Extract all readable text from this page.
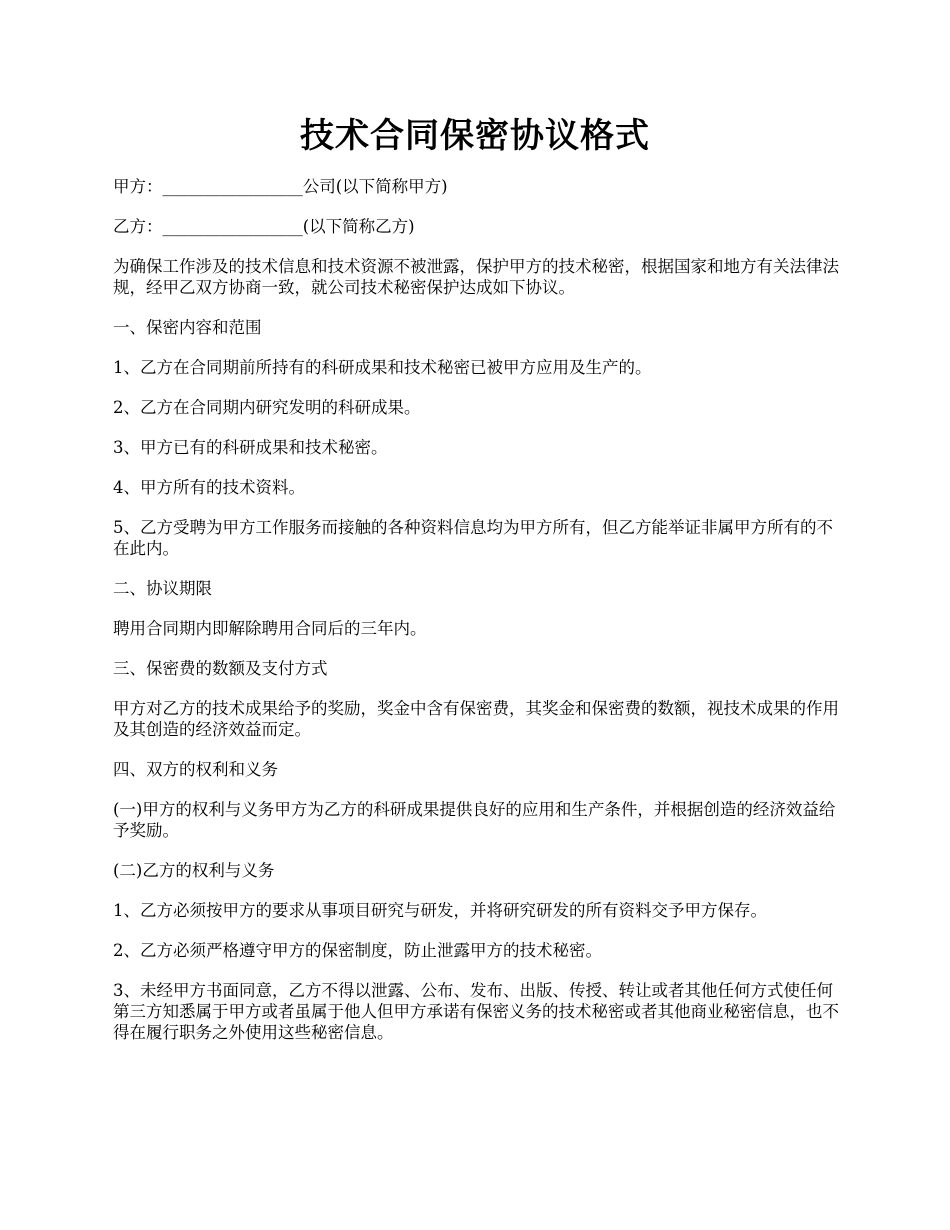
技术合同保密协议格式

甲方：_________________公司(以下简称甲方)

乙方：_________________(以下简称乙方)

为确保工作涉及的技术信息和技术资源不被泄露，保护甲方的技术秘密，根据国家和地方有关法律法规，经甲乙双方协商一致，就公司技术秘密保护达成如下协议。

一、保密内容和范围

1、乙方在合同期前所持有的科研成果和技术秘密已被甲方应用及生产的。

2、乙方在合同期内研究发明的科研成果。

3、甲方已有的科研成果和技术秘密。

4、甲方所有的技术资料。

5、乙方受聘为甲方工作服务而接触的各种资料信息均为甲方所有，但乙方能举证非属甲方所有的不在此内。

二、协议期限

聘用合同期内即解除聘用合同后的三年内。

三、保密费的数额及支付方式

甲方对乙方的技术成果给予的奖励，奖金中含有保密费，其奖金和保密费的数额，视技术成果的作用及其创造的经济效益而定。

四、双方的权利和义务

(一)甲方的权利与义务甲方为乙方的科研成果提供良好的应用和生产条件，并根据创造的经济效益给予奖励。

(二)乙方的权利与义务

1、乙方必须按甲方的要求从事项目研究与研发，并将研究研发的所有资料交予甲方保存。

2、乙方必须严格遵守甲方的保密制度，防止泄露甲方的技术秘密。

3、未经甲方书面同意，乙方不得以泄露、公布、发布、出版、传授、转让或者其他任何方式使任何第三方知悉属于甲方或者虽属于他人但甲方承诺有保密义务的技术秘密或者其他商业秘密信息，也不得在履行职务之外使用这些秘密信息。
